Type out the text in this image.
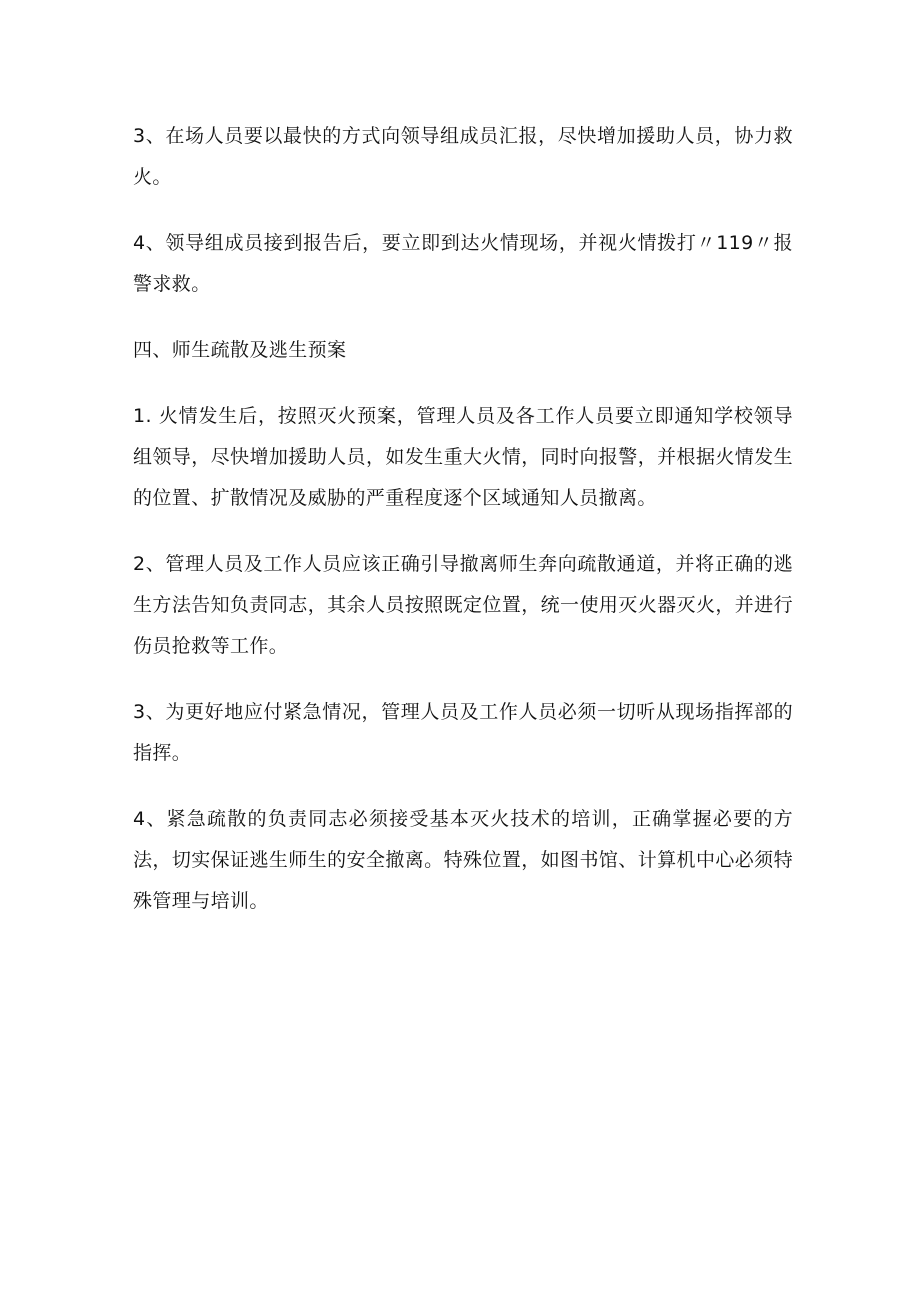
3、在场人员要以最快的方式向领导组成员汇报，尽快增加援助人员，协力救火。

4、领导组成员接到报告后，要立即到达火情现场，并视火情拨打〃119〃报警求救。

四、师生疏散及逃生预案

1. 火情发生后，按照灭火预案，管理人员及各工作人员要立即通知学校领导组领导，尽快增加援助人员，如发生重大火情，同时向报警，并根据火情发生的位置、扩散情况及威胁的严重程度逐个区域通知人员撤离。

2、管理人员及工作人员应该正确引导撤离师生奔向疏散通道，并将正确的逃生方法告知负责同志，其余人员按照既定位置，统一使用灭火器灭火，并进行伤员抢救等工作。

3、为更好地应付紧急情况，管理人员及工作人员必须一切听从现场指挥部的指挥。

4、紧急疏散的负责同志必须接受基本灭火技术的培训，正确掌握必要的方法，切实保证逃生师生的安全撤离。特殊位置，如图书馆、计算机中心必须特殊管理与培训。
